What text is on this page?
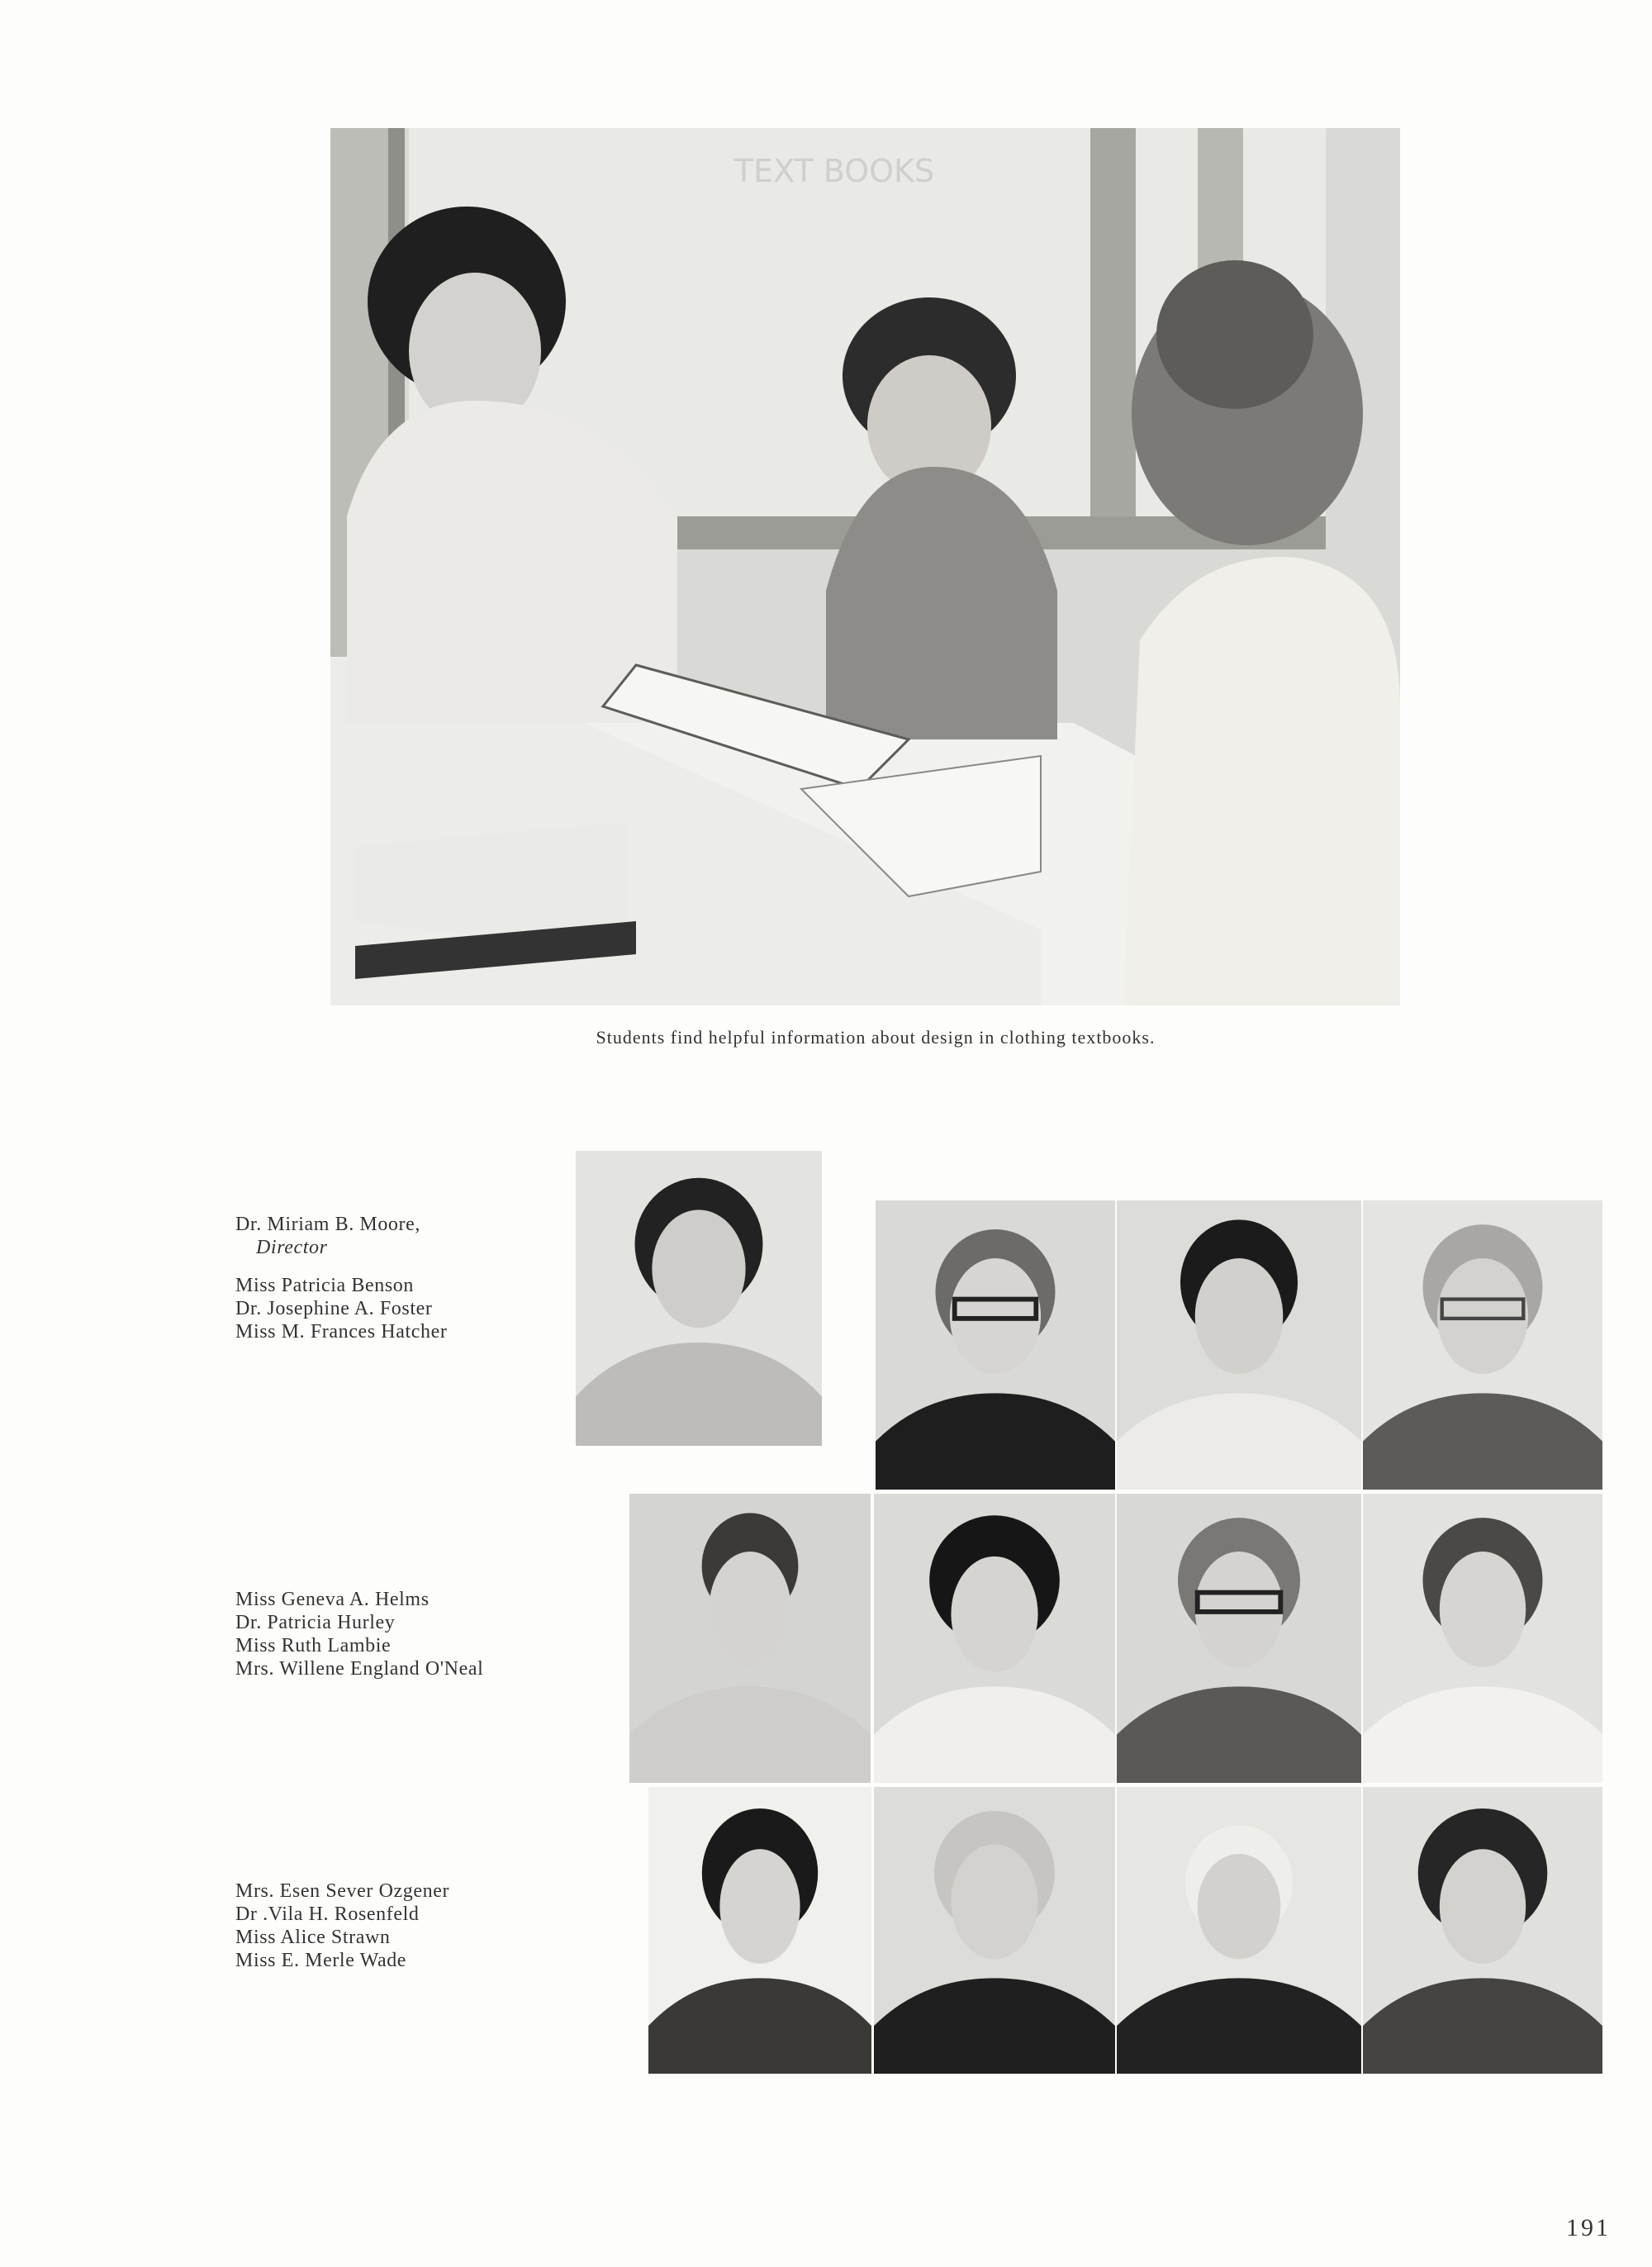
TEXT BOOKS
Students find helpful information about design in clothing textbooks.
Dr. Miriam B. Moore,
Director
Miss Patricia Benson
Dr. Josephine A. Foster
Miss M. Frances Hatcher
Miss Geneva A. Helms
Dr. Patricia Hurley
Miss Ruth Lambie
Mrs. Willene England O'Neal
Mrs. Esen Sever Ozgener
Dr .Vila H. Rosenfeld
Miss Alice Strawn
Miss E. Merle Wade
191
